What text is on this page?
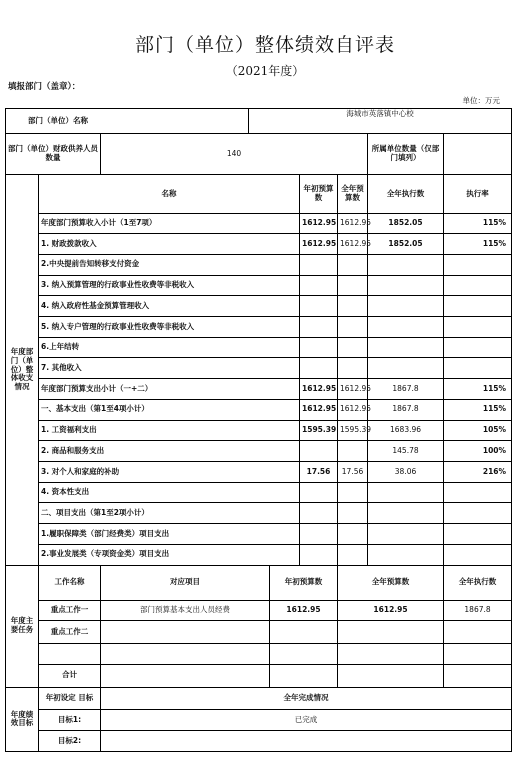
部门（单位）整体绩效自评表
（2021年度）
填报部门（盖章）：
单位：万元
部门（单位）名称			海城市英落镇中心校						
部门（单位）财政供养人员数量		140					所属单位数量（仅部门填列）		
年度部门（单位）整体收支情况	名称				年初预算数	全年预算数	全年执行数	执行率	
	年度部门预算收入小计（1至7项）				1612.95	1612.95	1852.05	115%	
	1. 财政拨款收入				1612.95	1612.95	1852.05	115%	
	2.中央提前告知转移支付资金								
	3. 纳入预算管理的行政事业性收费等非税收入								
	4. 纳入政府性基金预算管理收入								
	5. 纳入专户管理的行政事业性收费等非税收入								
	6.上年结转								
	7. 其他收入								
	年度部门预算支出小计（一+二）				1612.95	1612.95	1867.8	115%	
	一、基本支出（第1至4项小计）				1612.95	1612.95	1867.8	115%	
	1. 工资福利支出				1595.39	1595.39	1683.96	105%	
	2. 商品和服务支出						145.78	100%	
	3. 对个人和家庭的补助				17.56	17.56	38.06	216%	
	4. 资本性支出								
	二、项目支出（第1至2项小计）								
	1.履职保障类（部门经费类）项目支出								
	2.事业发展类（专项资金类）项目支出								
年度主要任务	工作名称	对应项目		年初预算数		全年预算数		全年执行数	
	重点工作一	部门预算基本支出人员经费		1612.95		1612.95		1867.8	
	重点工作二								

	合计								
年度绩效目标	年初设定 目标	全年完成情况							
	目标1:	已完成							
	目标2:								
